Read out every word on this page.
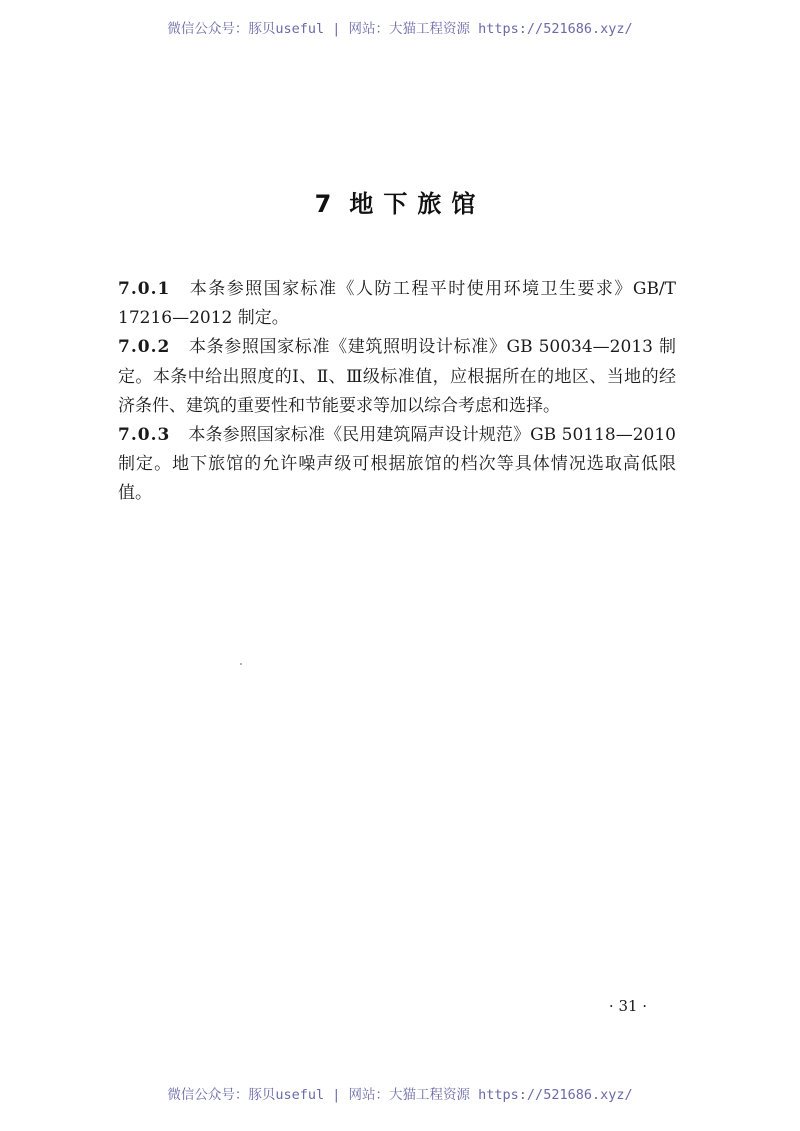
微信公众号：豚贝useful | 网站：大猫工程资源 https://521686.xyz/
7 地下旅馆

7.0.1 本条参照国家标准《人防工程平时使用环境卫生要求》GB/T 17216—2012 制定。

7.0.2 本条参照国家标准《建筑照明设计标准》GB 50034—2013 制定。本条中给出照度的Ⅰ、Ⅱ、Ⅲ级标准值，应根据所在的地区、当地的经济条件、建筑的重要性和节能要求等加以综合考虑和选择。

7.0.3 本条参照国家标准《民用建筑隔声设计规范》GB 50118—2010 制定。地下旅馆的允许噪声级可根据旅馆的档次等具体情况选取高低限值。

· 31 ·
微信公众号：豚贝useful | 网站：大猫工程资源 https://521686.xyz/
